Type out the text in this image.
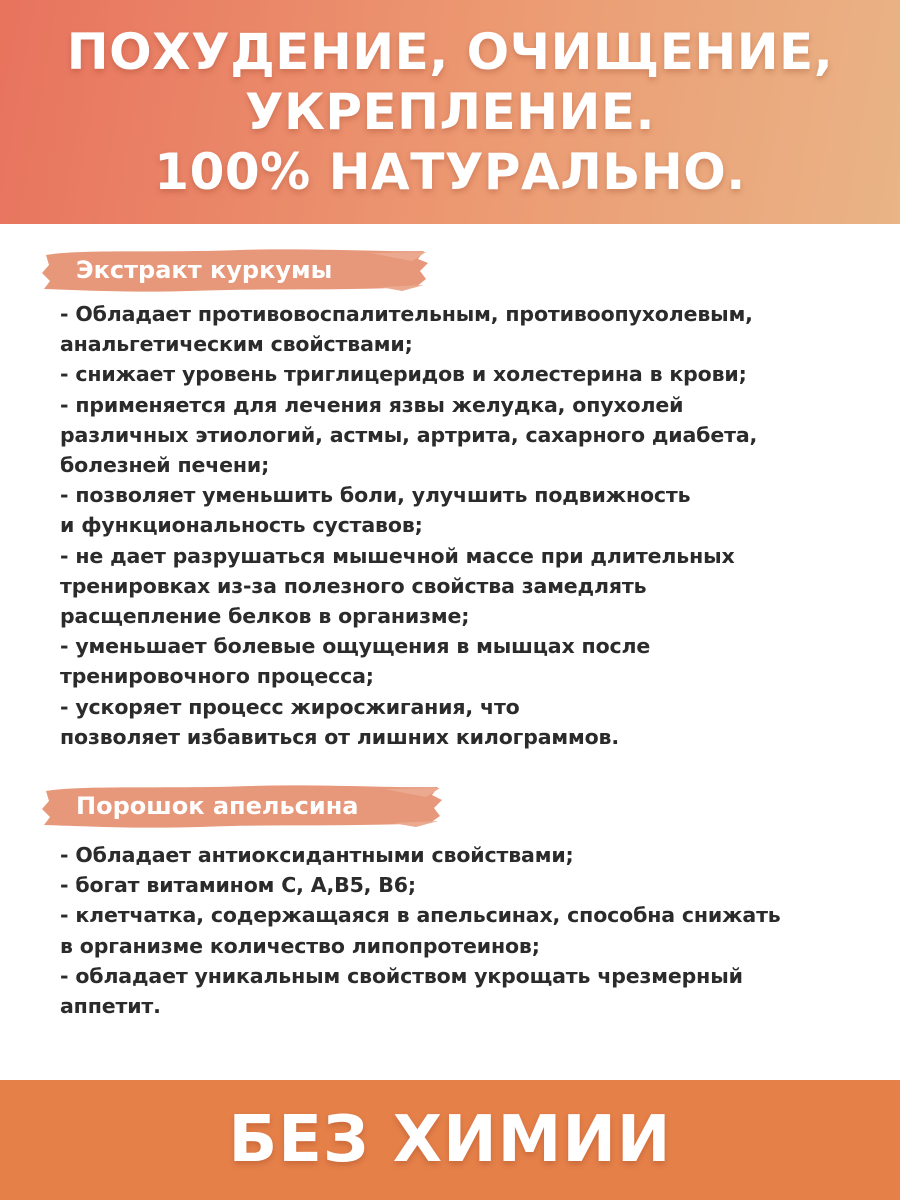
ПОХУДЕНИЕ, ОЧИЩЕНИЕ,
УКРЕПЛЕНИЕ.
100% НАТУРАЛЬНО.
Экстракт куркумы
- Обладает противовоспалительным, противоопухолевым,
анальгетическим свойствами;
- снижает уровень триглицеридов и холестерина в крови;
- применяется для лечения язвы желудка, опухолей
различных этиологий, астмы, артрита, сахарного диабета,
болезней печени;
- позволяет уменьшить боли, улучшить подвижность
и функциональность суставов;
- не дает разрушаться мышечной массе при длительных
тренировках из-за полезного свойства замедлять
расщепление белков в организме;
- уменьшает болевые ощущения в мышцах после
тренировочного процесса;
- ускоряет процесс жиросжигания, что
позволяет избавиться от лишних килограммов.
Порошок апельсина
- Обладает антиоксидантными свойствами;
- богат витамином С, А,В5, В6;
- клетчатка, содержащаяся в апельсинах, способна снижать
в организме количество липопротеинов;
- обладает уникальным свойством укрощать чрезмерный
аппетит.
БЕЗ ХИМИИ
